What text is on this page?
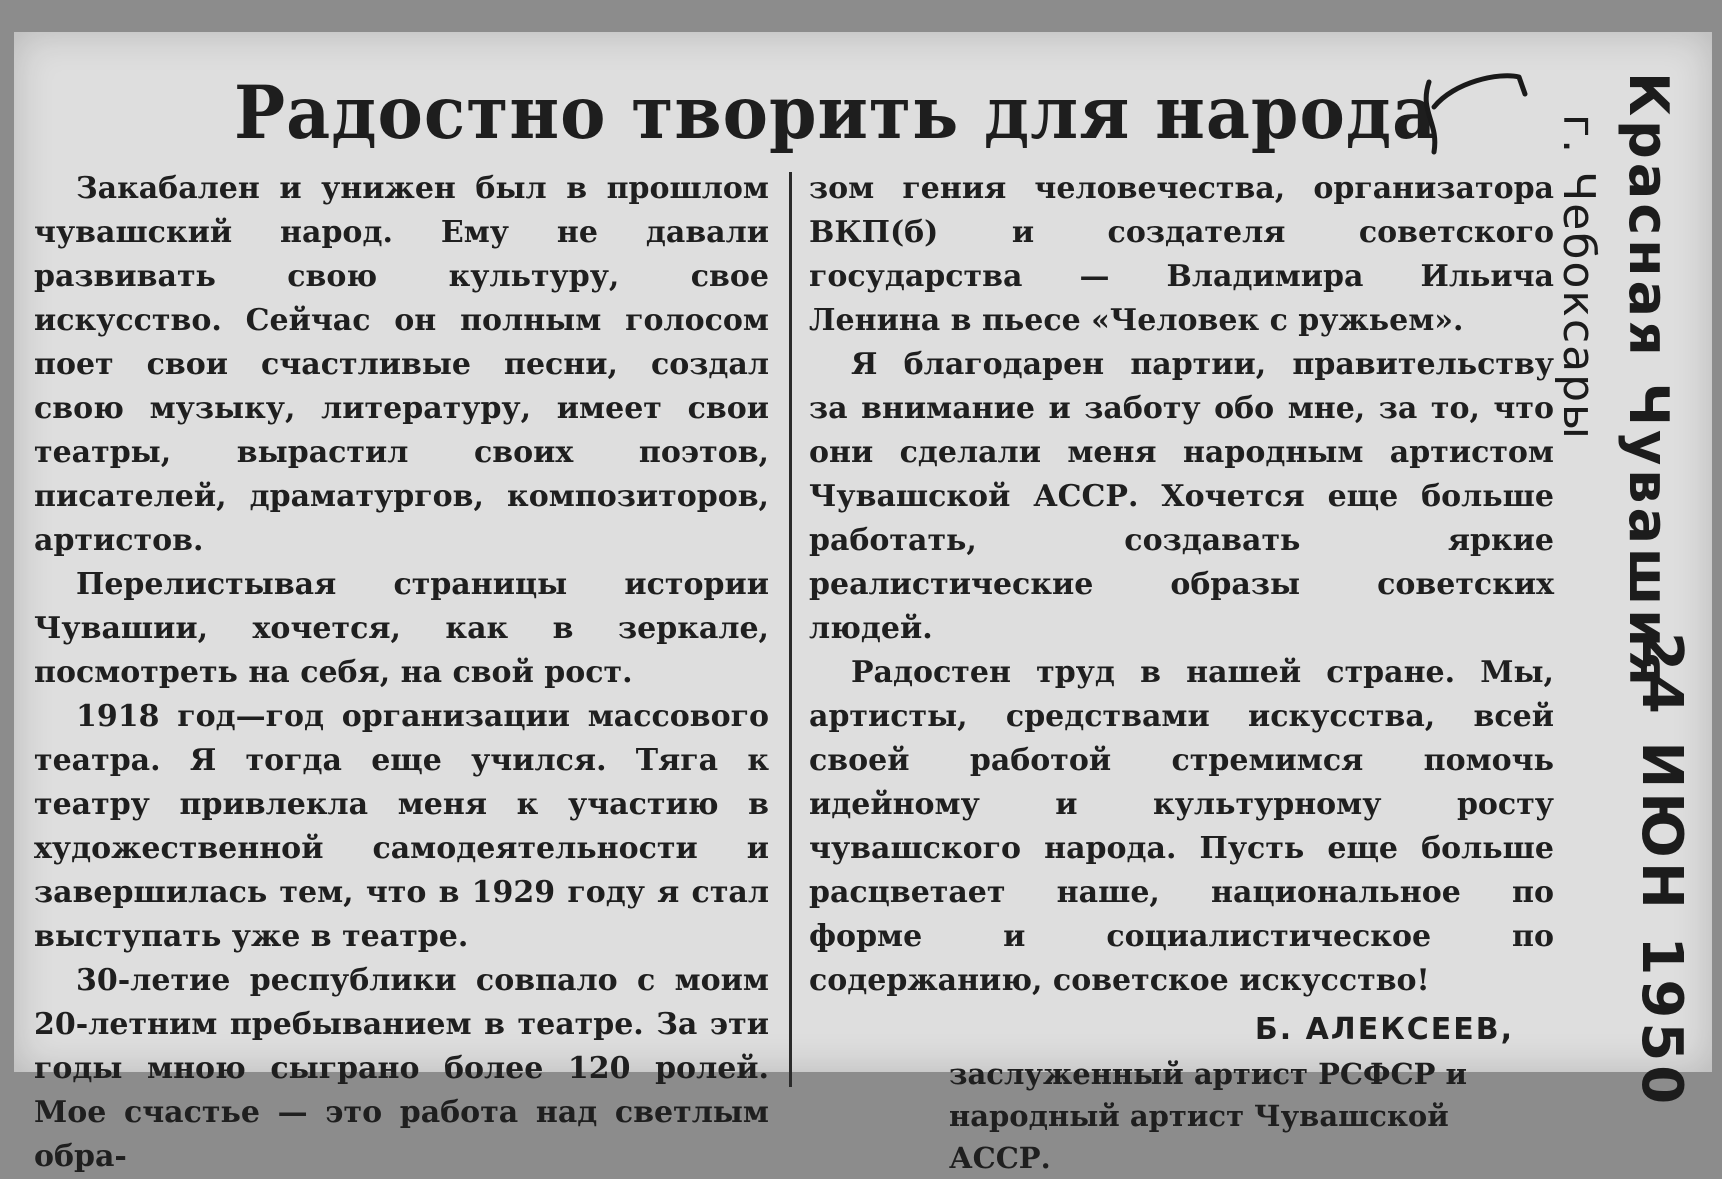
Радостно творить для народа

Закабален и унижен был в прошлом чувашский народ. Ему не давали развивать свою культуру, свое искусство. Сейчас он полным голосом поет свои счастливые песни, создал свою музыку, литературу, имеет свои театры, вырастил своих поэтов, писателей, драматургов, композиторов, артистов.

Перелистывая страницы истории Чувашии, хочется, как в зеркале, посмотреть на себя, на свой рост.

1918 год—год организации массового театра. Я тогда еще учился. Тяга к театру привлекла меня к участию в художественной самодеятельности и завершилась тем, что в 1929 году я стал выступать уже в театре.

30-летие республики совпало с моим 20-летним пребыванием в театре. За эти годы мною сыграно более 120 ролей. Мое счастье — это работа над светлым обра-

зом гения человечества, организатора ВКП(б) и создателя советского государства — Владимира Ильича Ленина в пьесе «Человек с ружьем».

Я благодарен партии, правительству за внимание и заботу обо мне, за то, что они сделали меня народным артистом Чувашской АССР. Хочется еще больше работать, создавать яркие реалистические образы советских людей.

Радостен труд в нашей стране. Мы, артисты, средствами искусства, всей своей работой стремимся помочь идейному и культурному росту чувашского народа. Пусть еще больше расцветает наше, национальное по форме и социалистическое по содержанию, советское искусство!

Б. АЛЕКСЕЕВ,
заслуженный артист РСФСР и народный артист Чувашской АССР.
Красная Чувашия
г. Чебоксары
24 ИЮН 1950
